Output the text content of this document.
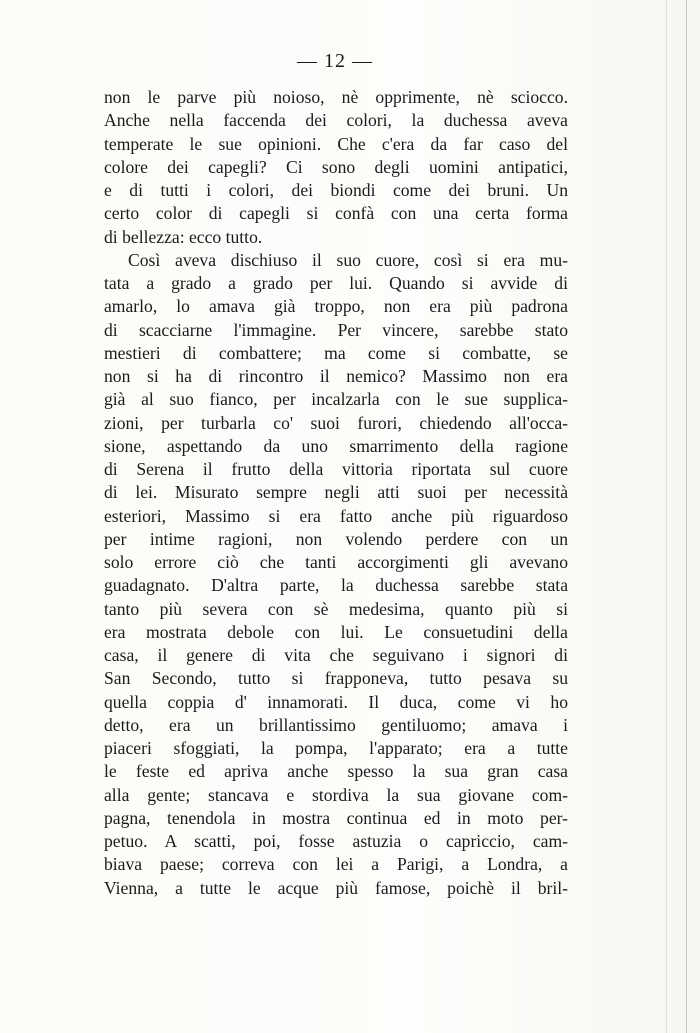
— 12 —
non le parve più noioso, nè opprimente, nè sciocco.
Anche nella faccenda dei colori, la duchessa aveva
temperate le sue opinioni. Che c'era da far caso del
colore dei capegli? Ci sono degli uomini antipatici,
e di tutti i colori, dei biondi come dei bruni. Un
certo color di capegli si confà con una certa forma
di bellezza: ecco tutto.
Così aveva dischiuso il suo cuore, così si era mu-
tata a grado a grado per lui. Quando si avvide di
amarlo, lo amava già troppo, non era più padrona
di scacciarne l'immagine. Per vincere, sarebbe stato
mestieri di combattere; ma come si combatte, se
non si ha di rincontro il nemico? Massimo non era
già al suo fianco, per incalzarla con le sue supplica-
zioni, per turbarla co' suoi furori, chiedendo all'occa-
sione, aspettando da uno smarrimento della ragione
di Serena il frutto della vittoria riportata sul cuore
di lei. Misurato sempre negli atti suoi per necessità
esteriori, Massimo si era fatto anche più riguardoso
per intime ragioni, non volendo perdere con un
solo errore ciò che tanti accorgimenti gli avevano
guadagnato. D'altra parte, la duchessa sarebbe stata
tanto più severa con sè medesima, quanto più si
era mostrata debole con lui. Le consuetudini della
casa, il genere di vita che seguivano i signori di
San Secondo, tutto si frapponeva, tutto pesava su
quella coppia d' innamorati. Il duca, come vi ho
detto, era un brillantissimo gentiluomo; amava i
piaceri sfoggiati, la pompa, l'apparato; era a tutte
le feste ed apriva anche spesso la sua gran casa
alla gente; stancava e stordiva la sua giovane com-
pagna, tenendola in mostra continua ed in moto per-
petuo. A scatti, poi, fosse astuzia o capriccio, cam-
biava paese; correva con lei a Parigi, a Londra, a
Vienna, a tutte le acque più famose, poichè il bril-
